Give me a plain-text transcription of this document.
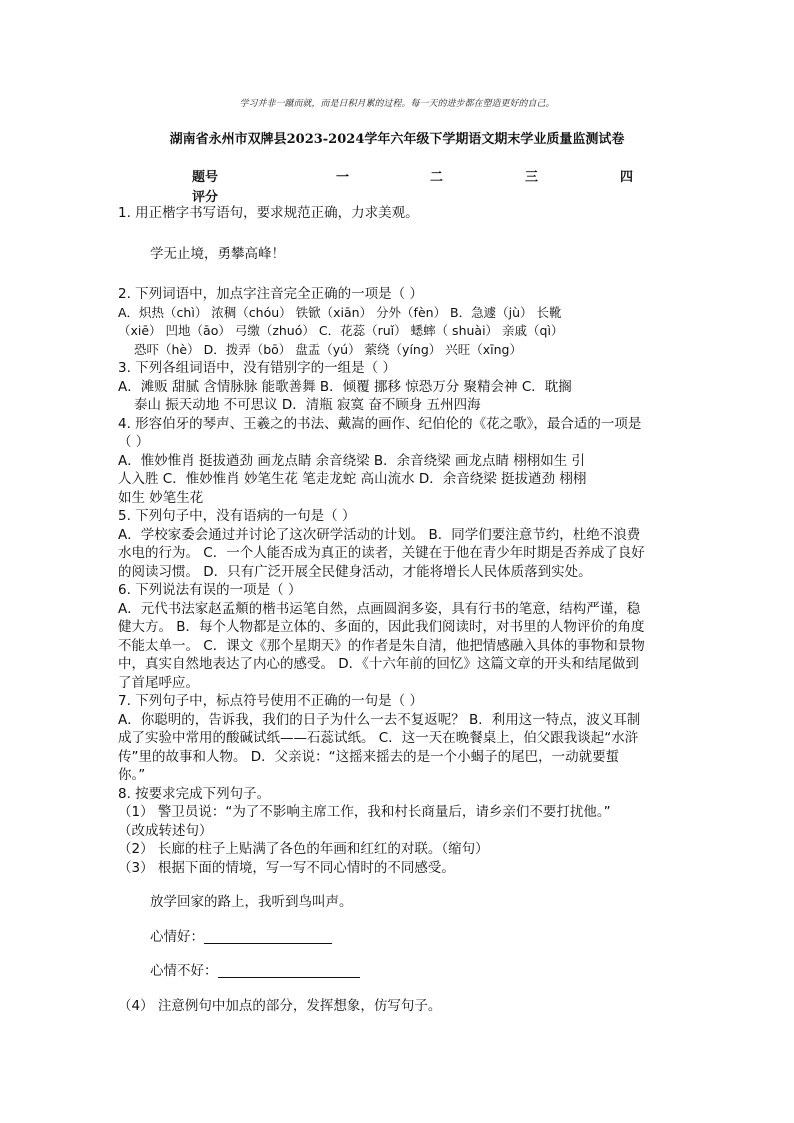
学习并非一蹴而就，而是日积月累的过程。每一天的进步都在塑造更好的自己。
湖南省永州市双牌县2023-2024学年六年级下学期语文期末学业质量监测试卷
题号	一	二	三	四
评分

1. 用正楷字书写语句，要求规范正确，力求美观。

学无止境，勇攀高峰！

2. 下列词语中，加点字注音完全正确的一项是（ ）

A．炽热（chì） 浓稠（chóu） 铁锨（xiān） 分外（fèn） B．急遽（jù） 长靴

（xiē） 凹地（āo） 弓缴（zhuó） C．花蕊（ruǐ） 蟋蟀（ shuài） 亲戚（qì）

恐吓（hè） D．拨弄（bō） 盘盂（yú） 萦绕（yíng） 兴旺（xīng）

3. 下列各组词语中，没有错别字的一组是（ ）

A．滩贩 甜腻 含情脉脉 能歌善舞 B．倾覆 挪移 惊恐万分 聚精会神 C．耽搁

泰山 振天动地 不可思议 D．清瓶 寂寞 奋不顾身 五州四海

4. 形容伯牙的琴声、王羲之的书法、戴嵩的画作、纪伯伦的《花之歌》，最合适的一项是

（ ）

A．惟妙惟肖 挺拔遒劲 画龙点睛 余音绕梁 B．余音绕梁 画龙点睛 栩栩如生 引

人入胜 C．惟妙惟肖 妙笔生花 笔走龙蛇 高山流水 D．余音绕梁 挺拔遒劲 栩栩

如生 妙笔生花

5. 下列句子中，没有语病的一句是（ ）

A．学校家委会通过并讨论了这次研学活动的计划。 B．同学们要注意节约，杜绝不浪费

水电的行为。 C．一个人能否成为真正的读者，关键在于他在青少年时期是否养成了良好

的阅读习惯。 D．只有广泛开展全民健身活动，才能将增长人民体质落到实处。

6. 下列说法有误的一项是（ ）

A．元代书法家赵孟頫的楷书运笔自然，点画圆润多姿，具有行书的笔意，结构严谨，稳

健大方。 B．每个人物都是立体的、多面的，因此我们阅读时，对书里的人物评价的角度

不能太单一。 C．课文《那个星期天》的作者是朱自清，他把情感融入具体的事物和景物

中，真实自然地表达了内心的感受。 D．《十六年前的回忆》这篇文章的开头和结尾做到

了首尾呼应。

7. 下列句子中，标点符号使用不正确的一句是（ ）

A．你聪明的，告诉我，我们的日子为什么一去不复返呢？ B．利用这一特点，波义耳制

成了实验中常用的酸碱试纸——石蕊试纸。 C．这一天在晚餐桌上，伯父跟我谈起“水浒

传”里的故事和人物。 D．父亲说：“这摇来摇去的是一个小蝎子的尾巴，一动就要蜇

你。”

8. 按要求完成下列句子。

（1） 警卫员说：“为了不影响主席工作，我和村长商量后，请乡亲们不要打扰他。”

（改成转述句）

（2） 长廊的柱子上贴满了各色的年画和红红的对联。（缩句）

（3） 根据下面的情境，写一写不同心情时的不同感受。

放学回家的路上，我听到鸟叫声。

心情好：

心情不好：

（4） 注意例句中加点的部分，发挥想象，仿写句子。
